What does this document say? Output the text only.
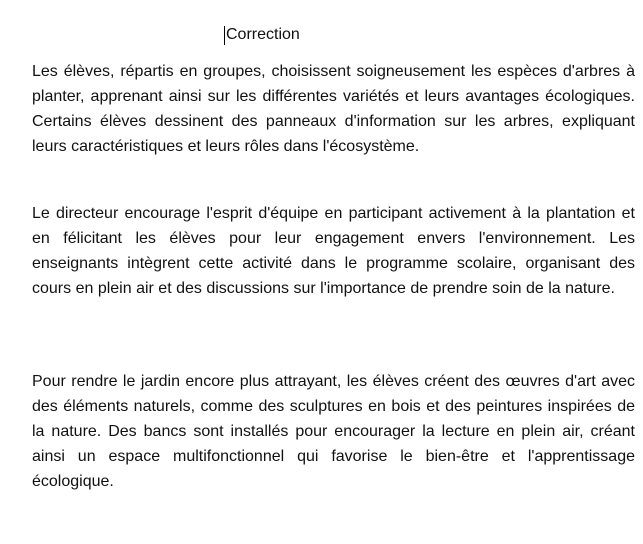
Correction

Les élèves, répartis en groupes, choisissent soigneusement les espèces d'arbres à planter, apprenant ainsi sur les différentes variétés et leurs avantages écologiques. Certains élèves dessinent des panneaux d'information sur les arbres, expliquant leurs caractéristiques et leurs rôles dans l'écosystème.

Le directeur encourage l'esprit d'équipe en participant activement à la plantation et en félicitant les élèves pour leur engagement envers l'environnement. Les enseignants intègrent cette activité dans le programme scolaire, organisant des cours en plein air et des discussions sur l'importance de prendre soin de la nature.

Pour rendre le jardin encore plus attrayant, les élèves créent des œuvres d'art avec des éléments naturels, comme des sculptures en bois et des peintures inspirées de la nature. Des bancs sont installés pour encourager la lecture en plein air, créant ainsi un espace multifonctionnel qui favorise le bien-être et l'apprentissage écologique.
